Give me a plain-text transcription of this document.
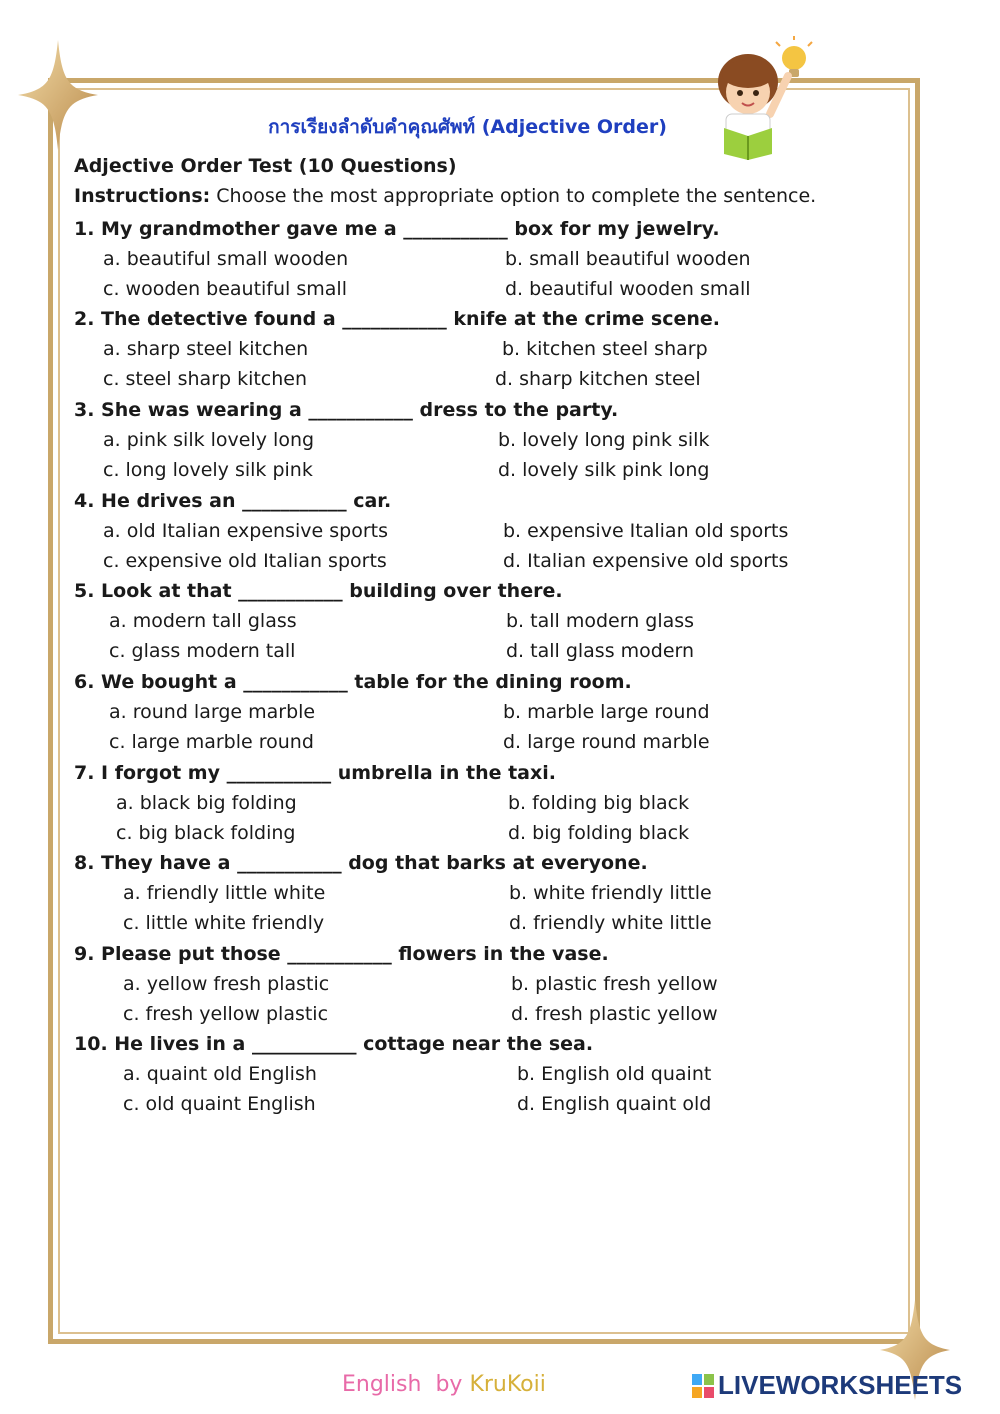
การเรียงลำดับคำคุณศัพท์ (Adjective Order)
Adjective Order Test (10 Questions)
Instructions: Choose the most appropriate option to complete the sentence.
1. My grandmother gave me a ___________ box for my jewelry.
a. beautiful small wooden	b. small beautiful wooden
c. wooden beautiful small	d. beautiful wooden small
2. The detective found a ___________ knife at the crime scene.
a. sharp steel kitchen	b. kitchen steel sharp
c. steel sharp kitchen	d. sharp kitchen steel
3. She was wearing a ___________ dress to the party.
a. pink silk lovely long	b. lovely long pink silk
c. long lovely silk pink	d. lovely silk pink long
4. He drives an ___________ car.
a. old Italian expensive sports	b. expensive Italian old sports
c. expensive old Italian sports	d. Italian expensive old sports
5. Look at that ___________ building over there.
a. modern tall glass	b. tall modern glass
c. glass modern tall	d. tall glass modern
6. We bought a ___________ table for the dining room.
a. round large marble	b. marble large round
c. large marble round	d. large round marble
7. I forgot my ___________ umbrella in the taxi.
a. black big folding	b. folding big black
c. big black folding	d. big folding black
8. They have a ___________ dog that barks at everyone.
a. friendly little white	b. white friendly little
c. little white friendly	d. friendly white little
9. Please put those ___________ flowers in the vase.
a. yellow fresh plastic	b. plastic fresh yellow
c. fresh yellow plastic	d. fresh plastic yellow
10. He lives in a ___________ cottage near the sea.
a. quaint old English	b. English old quaint
c. old quaint English	d. English quaint old
English by KruKoii	LIVEWORKSHEETS
